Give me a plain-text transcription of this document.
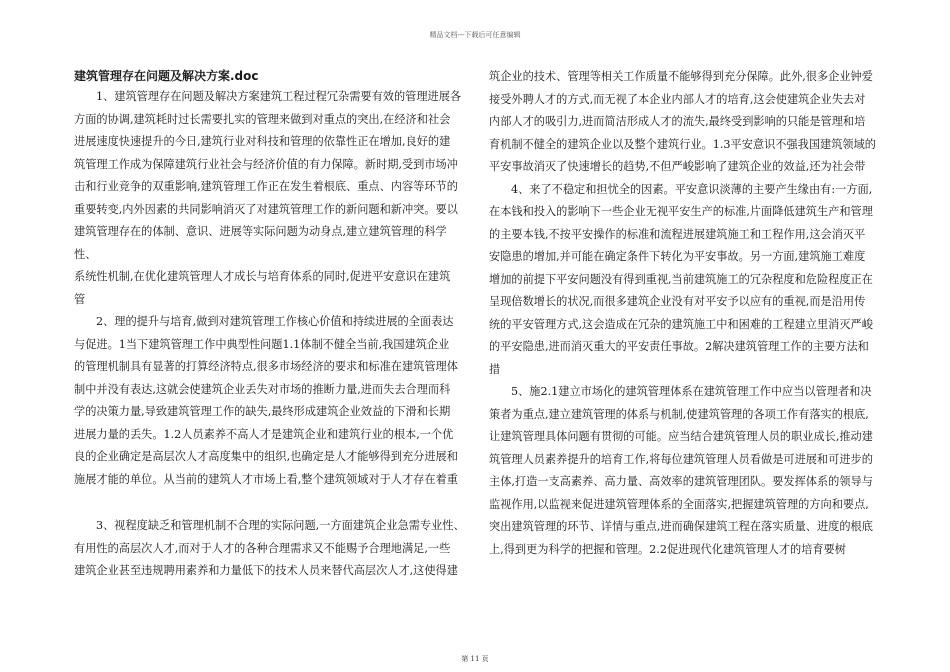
精品文档---下载后可任意编辑

建筑管理存在问题及解决方案.doc

1、建筑管理存在问题及解决方案建筑工程过程冗杂需要有效的管理进展各

方面的协调,建筑耗时过长需要扎实的管理来做到对重点的突出,在经济和社会

进展速度快速提升的今日,建筑行业对科技和管理的依靠性正在增加,良好的建

筑管理工作成为保障建筑行业社会与经济价值的有力保障。新时期,受到市场冲

击和行业竞争的双重影响,建筑管理工作正在发生着根底、重点、内容等环节的

重要转变,内外因素的共同影响消灭了对建筑管理工作的新问题和新冲突。要以

建筑管理存在的体制、意识、进展等实际问题为动身点,建立建筑管理的科学性、

系统性机制,在优化建筑管理人才成长与培育体系的同时,促进平安意识在建筑

管

2、理的提升与培育,做到对建筑管理工作核心价值和持续进展的全面表达

与促进。1当下建筑管理工作中典型性问题1.1体制不健全当前,我国建筑企业

的管理机制具有显著的打算经济特点,很多市场经济的要求和标准在建筑管理体

制中并没有表达,这就会使建筑企业丢失对市场的推断力量,进而失去合理而科

学的决策力量,导致建筑管理工作的缺失,最终形成建筑企业效益的下滑和长期

进展力量的丢失。1.2人员素养不高人才是建筑企业和建筑行业的根本,一个优

良的企业确定是高层次人才高度集中的组织,也确定是人才能够得到充分进展和

施展才能的单位。从当前的建筑人才市场上看,整个建筑领域对于人才存在着重

3、视程度缺乏和管理机制不合理的实际问题,一方面建筑企业急需专业性、

有用性的高层次人才,而对于人才的各种合理需求又不能赐予合理地满足,一些

建筑企业甚至违规聘用素养和力量低下的技术人员来替代高层次人才,这使得建

筑企业的技术、管理等相关工作质量不能够得到充分保障。此外,很多企业钟爱

接受外聘人才的方式,而无视了本企业内部人才的培育,这会使建筑企业失去对

内部人才的吸引力,进而简洁形成人才的流失,最终受到影响的只能是管理和培

育机制不健全的建筑企业以及整个建筑行业。1.3平安意识不强我国建筑领域的

平安事故消灭了快速增长的趋势,不但严峻影响了建筑企业的效益,还为社会带

4、来了不稳定和担忧全的因素。平安意识淡薄的主要产生缘由有:一方面,

在本钱和投入的影响下一些企业无视平安生产的标准,片面降低建筑生产和管理

的主要本钱,不按平安操作的标准和流程进展建筑施工和工程作用,这会消灭平

安隐患的增加,并可能在确定条件下转化为平安事故。另一方面,建筑施工难度

增加的前提下平安问题没有得到重视,当前建筑施工的冗杂程度和危险程度正在

呈现倍数增长的状况,而很多建筑企业没有对平安予以应有的重视,而是沿用传

统的平安管理方式,这会造成在冗杂的建筑施工中和困难的工程建立里消灭严峻

的平安隐患,进而消灭重大的平安责任事故。2解决建筑管理工作的主要方法和

措

5、施2.1建立市场化的建筑管理体系在建筑管理工作中应当以管理者和决

策者为重点,建立建筑管理的体系与机制,使建筑管理的各项工作有落实的根底,

让建筑管理具体问题有贯彻的可能。应当结合建筑管理人员的职业成长,推动建

筑管理人员素养提升的培育工作,将每位建筑管理人员看做是可进展和可进步的

主体,打造一支高素养、高力量、高效率的建筑管理团队。要发挥体系的领导与

监视作用,以监视来促进建筑管理体系的全面落实,把握建筑管理的方向和要点,

突出建筑管理的环节、详情与重点,进而确保建筑工程在落实质量、进度的根底

上,得到更为科学的把握和管理。2.2促进现代化建筑管理人才的培育要树

第 11 页
